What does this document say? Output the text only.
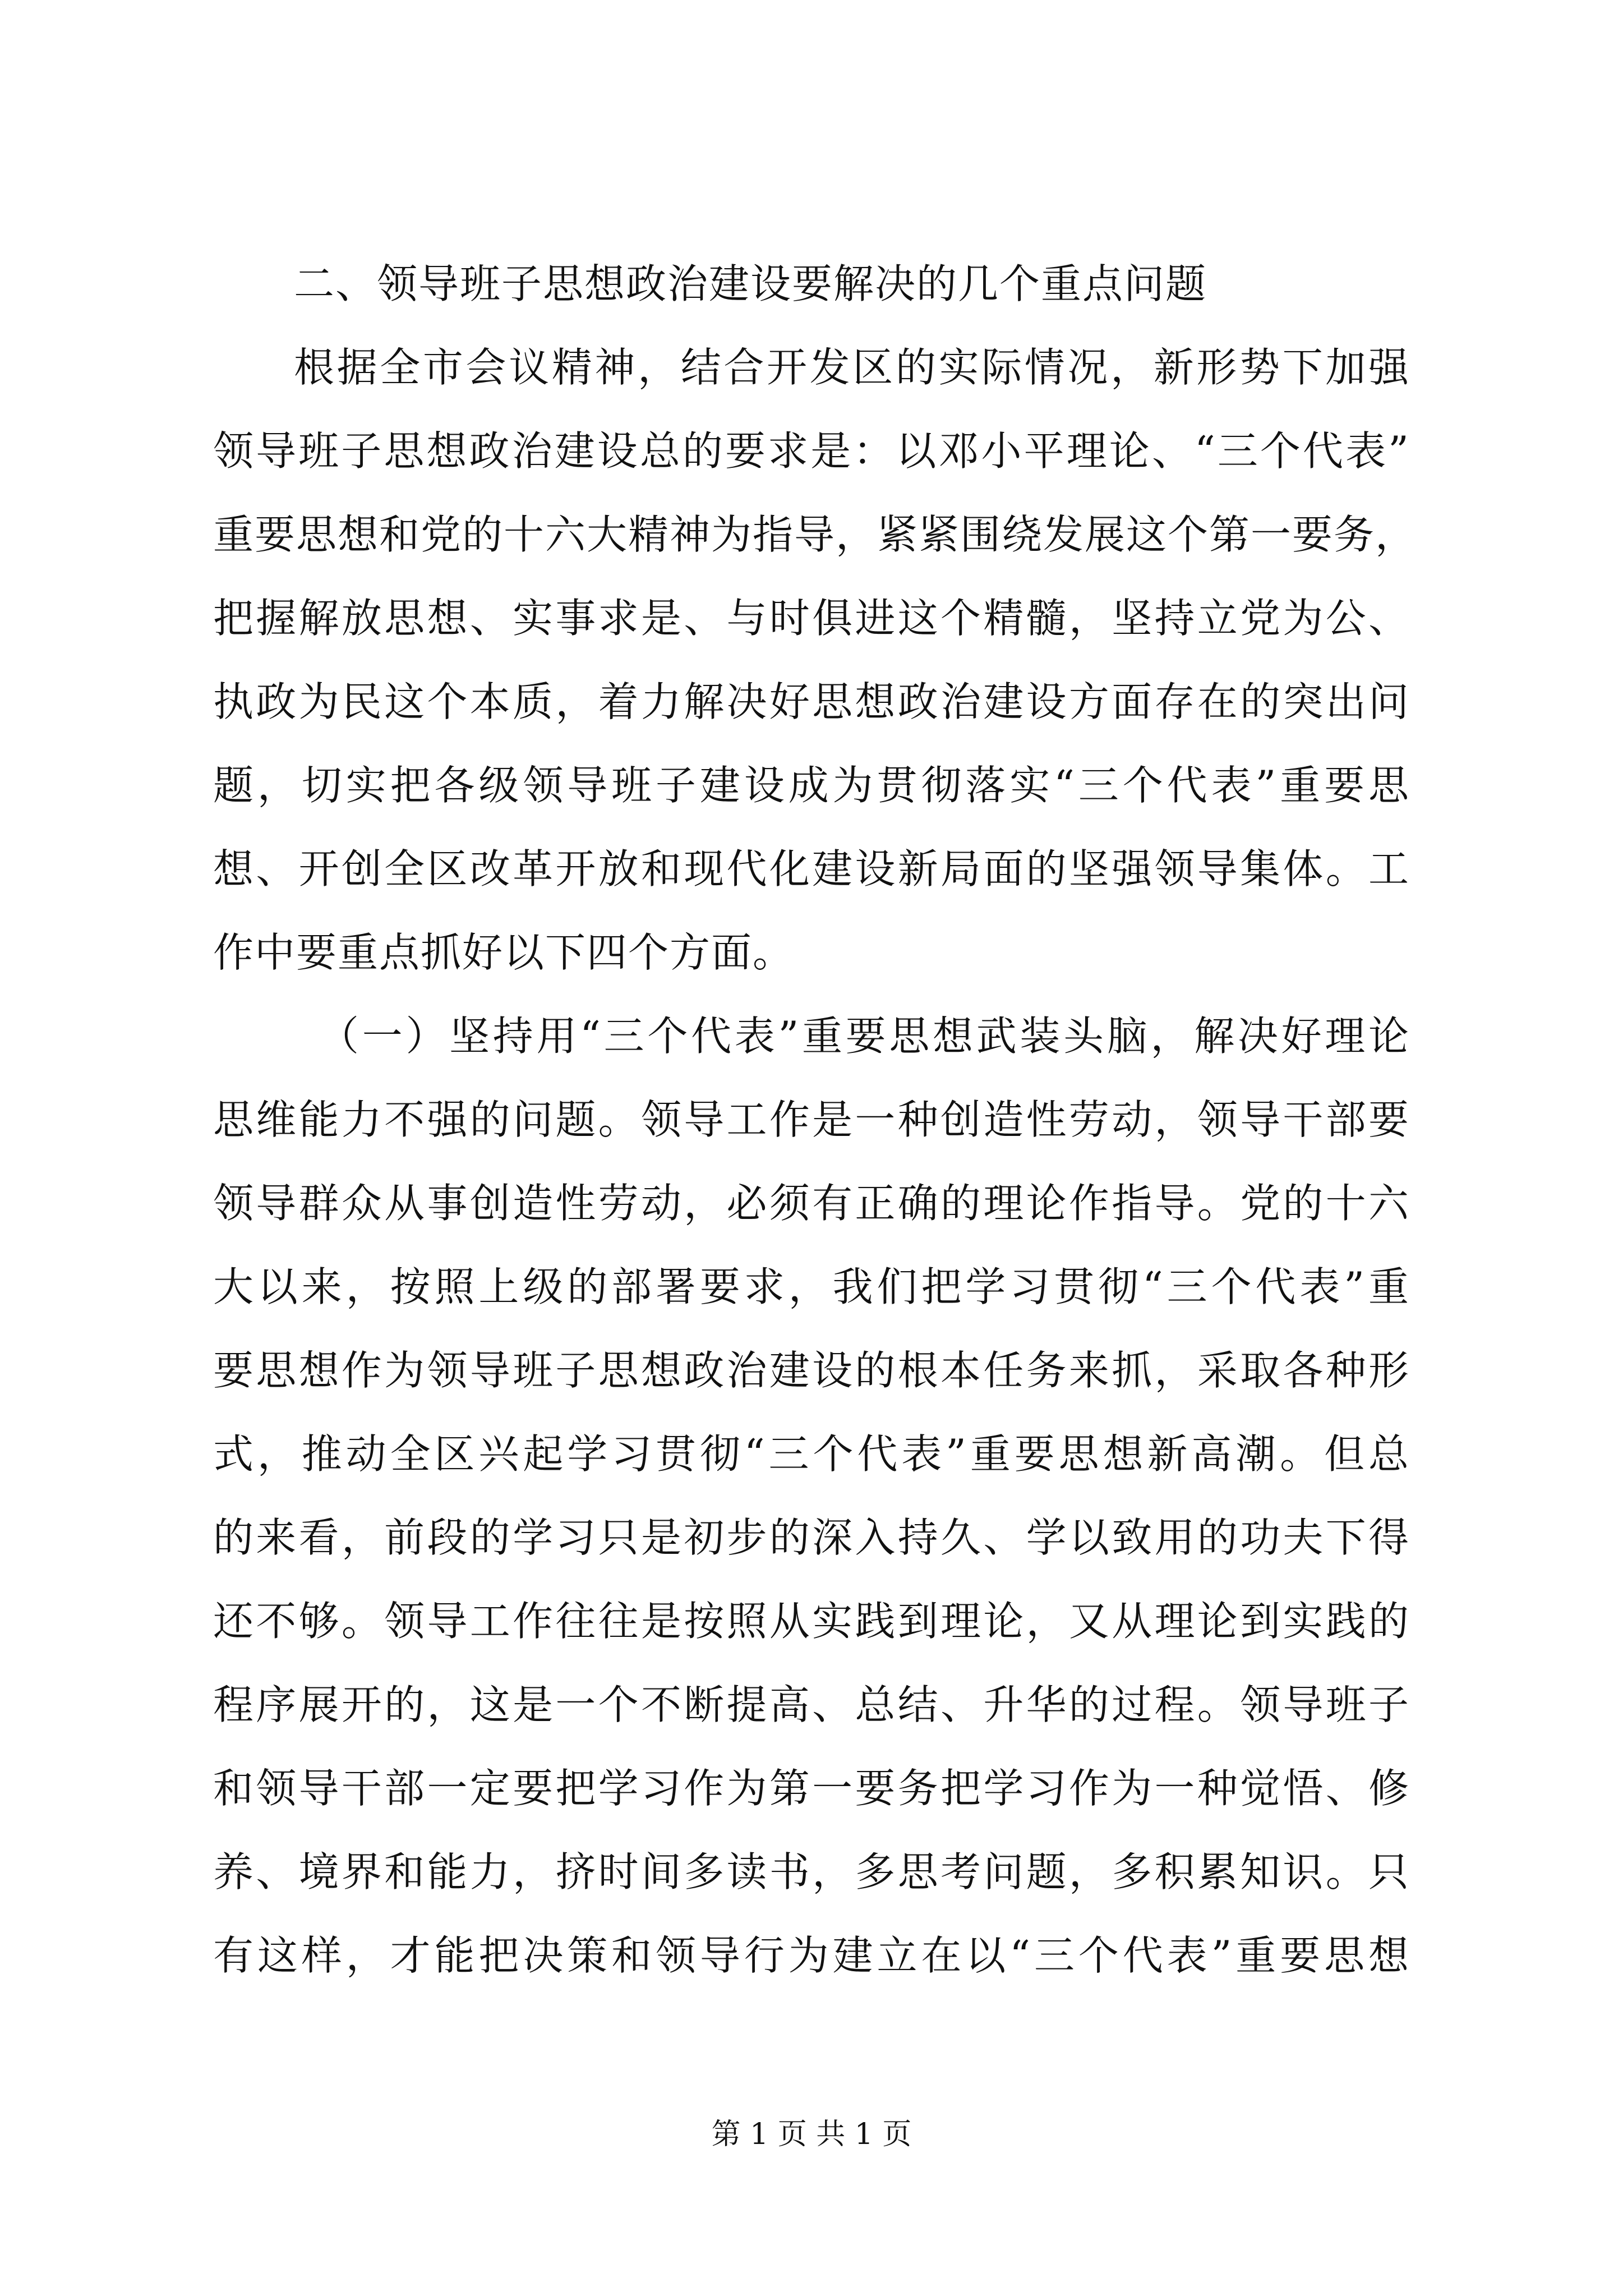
二、领导班子思想政治建设要解决的几个重点问题
根据全市会议精神，结合开发区的实际情况，新形势下加强
领导班子思想政治建设总的要求是：以邓小平理论、“三个代表”
重要思想和党的十六大精神为指导，紧紧围绕发展这个第一要务，
把握解放思想、实事求是、与时俱进这个精髓，坚持立党为公、
执政为民这个本质，着力解决好思想政治建设方面存在的突出问
题，切实把各级领导班子建设成为贯彻落实“三个代表”重要思
想、开创全区改革开放和现代化建设新局面的坚强领导集体。工
作中要重点抓好以下四个方面。
（一）坚持用“三个代表”重要思想武装头脑，解决好理论
思维能力不强的问题。领导工作是一种创造性劳动，领导干部要
领导群众从事创造性劳动，必须有正确的理论作指导。党的十六
大以来，按照上级的部署要求，我们把学习贯彻“三个代表”重
要思想作为领导班子思想政治建设的根本任务来抓，采取各种形
式，推动全区兴起学习贯彻“三个代表”重要思想新高潮。但总
的来看，前段的学习只是初步的深入持久、学以致用的功夫下得
还不够。领导工作往往是按照从实践到理论，又从理论到实践的
程序展开的，这是一个不断提高、总结、升华的过程。领导班子
和领导干部一定要把学习作为第一要务把学习作为一种觉悟、修
养、境界和能力，挤时间多读书，多思考问题，多积累知识。只
有这样，才能把决策和领导行为建立在以“三个代表”重要思想
第 1 页 共 1 页
